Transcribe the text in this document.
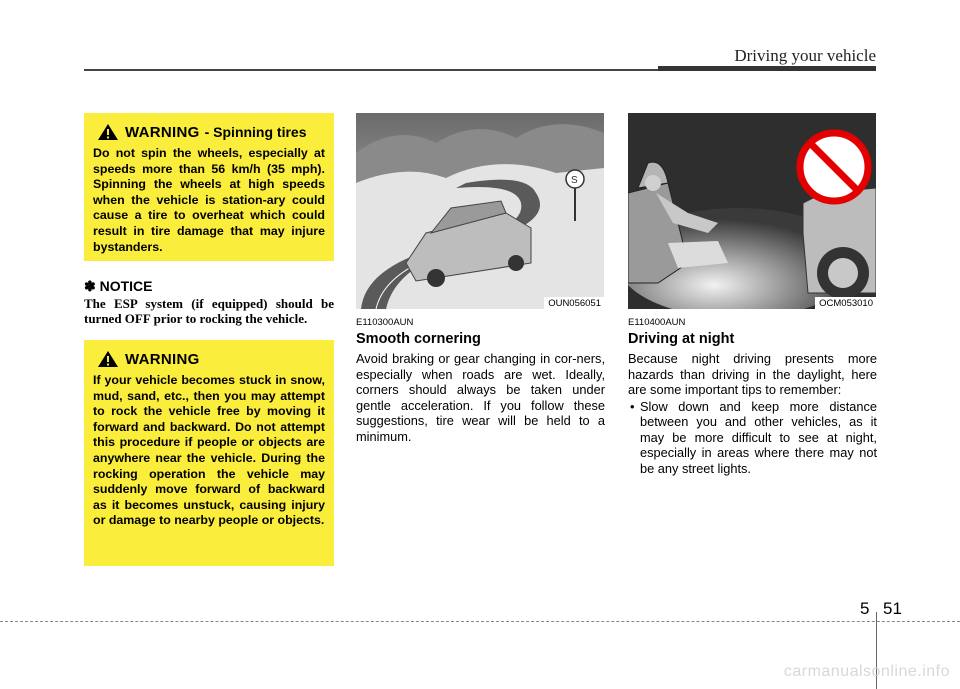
Driving your vehicle
WARNING - Spinning tires
Do not spin the wheels, especially at speeds more than 56 km/h (35 mph). Spinning the wheels at high speeds when the vehicle is station-ary could cause a tire to overheat which could result in tire damage that may injure bystanders.
✽ NOTICE
The ESP system (if equipped) should be turned OFF prior to rocking the vehicle.
WARNING
If your vehicle becomes stuck in snow, mud, sand, etc., then you may attempt to rock the vehicle free by moving it forward and backward. Do not attempt this procedure if people or objects are anywhere near the vehicle. During the rocking operation the vehicle may suddenly move forward of backward as it becomes unstuck, causing injury or damage to nearby people or objects.
S
OUN056051	OCM053010
E110300AUN
Smooth cornering
Avoid braking or gear changing in cor-ners, especially when roads are wet. Ideally, corners should always be taken under gentle acceleration. If you follow these suggestions, tire wear will be held to a minimum.
E110400AUN
Driving at night
Because night driving presents more hazards than driving in the daylight, here are some important tips to remember:
• Slow down and keep more distance between you and other vehicles, as it may be more difficult to see at night, especially in areas where there may not be any street lights.
5 51
carmanualsonline.info
